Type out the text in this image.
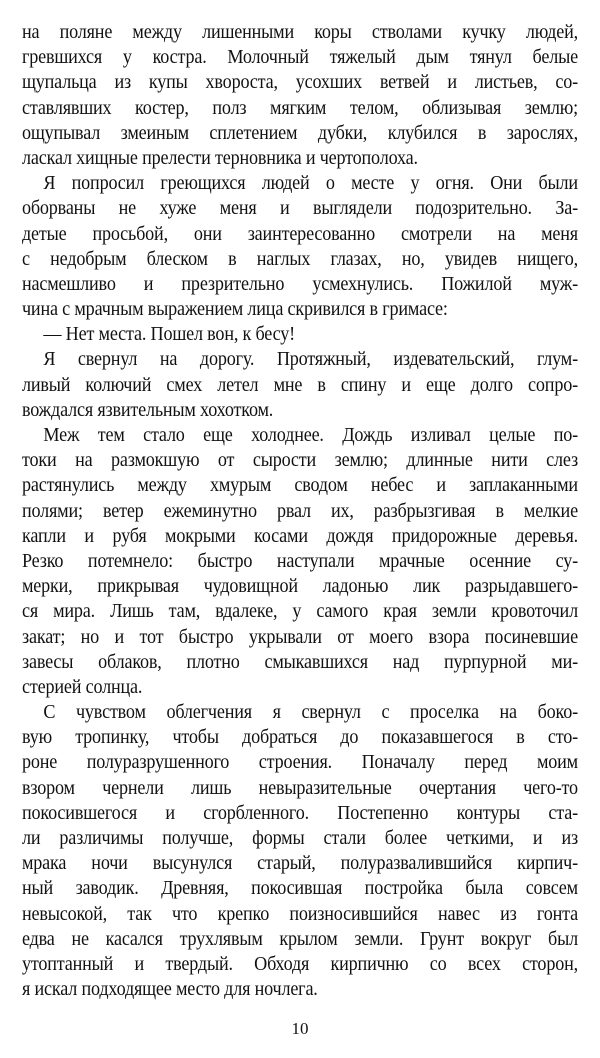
на поляне между лишенными коры стволами кучку людей,
гревшихся у костра. Молочный тяжелый дым тянул белые
щупальца из купы хвороста, усохших ветвей и листьев, со-
ставлявших костер, полз мягким телом, облизывая землю;
ощупывал змеиным сплетением дубки, клубился в зарослях,
ласкал хищные прелести терновника и чертополоха.
Я попросил греющихся людей о месте у огня. Они были
оборваны не хуже меня и выглядели подозрительно. За-
детые просьбой, они заинтересованно смотрели на меня
с недобрым блеском в наглых глазах, но, увидев нищего,
насмешливо и презрительно усмехнулись. Пожилой муж-
чина с мрачным выражением лица скривился в гримасе:
— Нет места. Пошел вон, к бесу!
Я свернул на дорогу. Протяжный, издевательский, глум-
ливый колючий смех летел мне в спину и еще долго сопро-
вождался язвительным хохотком.
Меж тем стало еще холоднее. Дождь изливал целые по-
токи на размокшую от сырости землю; длинные нити слез
растянулись между хмурым сводом небес и заплаканными
полями; ветер ежеминутно рвал их, разбрызгивая в мелкие
капли и рубя мокрыми косами дождя придорожные деревья.
Резко потемнело: быстро наступали мрачные осенние су-
мерки, прикрывая чудовищной ладонью лик разрыдавшего-
ся мира. Лишь там, вдалеке, у самого края земли кровоточил
закат; но и тот быстро укрывали от моего взора посиневшие
завесы облаков, плотно смыкавшихся над пурпурной ми-
стерией солнца.
С чувством облегчения я свернул с проселка на боко-
вую тропинку, чтобы добраться до показавшегося в сто-
роне полуразрушенного строения. Поначалу перед моим
взором чернели лишь невыразительные очертания чего-то
покосившегося и сгорбленного. Постепенно контуры ста-
ли различимы получше, формы стали более четкими, и из
мрака ночи высунулся старый, полуразвалившийся кирпич-
ный заводик. Древняя, покосившая постройка была совсем
невысокой, так что крепко поизносившийся навес из гонта
едва не касался трухлявым крылом земли. Грунт вокруг был
утоптанный и твердый. Обходя кирпичню со всех сторон,
я искал подходящее место для ночлега.
10
